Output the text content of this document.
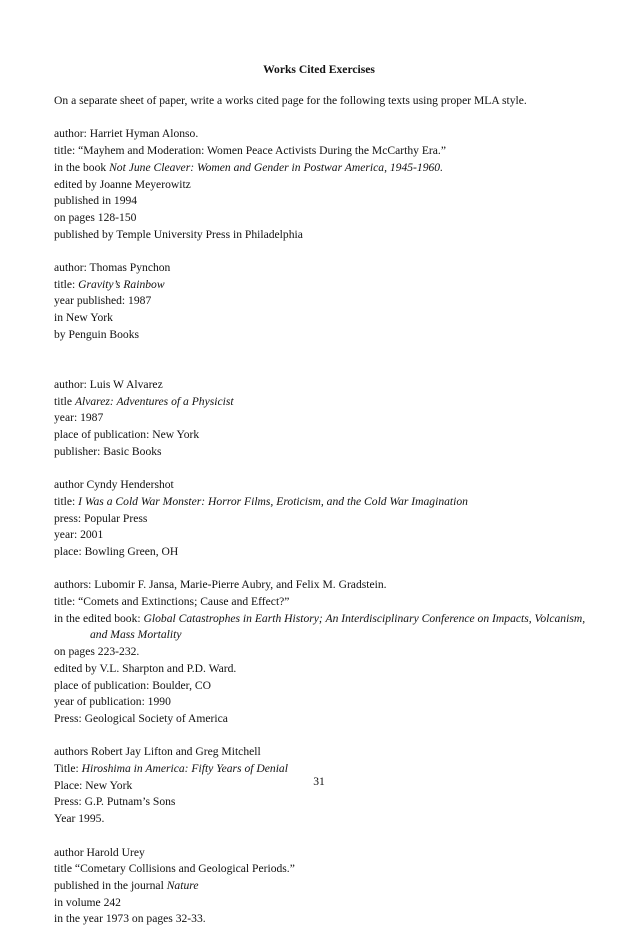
Works Cited Exercises

On a separate sheet of paper, write a works cited page for the following texts using proper MLA style.

author: Harriet Hyman Alonso.

title: “Mayhem and Moderation: Women Peace Activists During the McCarthy Era.”

in the book Not June Cleaver: Women and Gender in Postwar America, 1945-1960.

edited by Joanne Meyerowitz

published in 1994

on pages 128-150

published by Temple University Press in Philadelphia

author: Thomas Pynchon

title: Gravity’s Rainbow

year published: 1987

in New York

by Penguin Books

author: Luis W Alvarez

title Alvarez: Adventures of a Physicist

year: 1987

place of publication: New York

publisher: Basic Books

author Cyndy Hendershot

title: I Was a Cold War Monster: Horror Films, Eroticism, and the Cold War Imagination

press: Popular Press

year: 2001

place: Bowling Green, OH

authors: Lubomir F. Jansa, Marie-Pierre Aubry, and Felix M. Gradstein.

title: “Comets and Extinctions; Cause and Effect?”

in the edited book: Global Catastrophes in Earth History; An Interdisciplinary Conference on Impacts, Volcanism,

and Mass Mortality

on pages 223-232.

edited by V.L. Sharpton and P.D. Ward.

place of publication: Boulder, CO

year of publication: 1990

Press: Geological Society of America

authors Robert Jay Lifton and Greg Mitchell

Title: Hiroshima in America: Fifty Years of Denial

Place: New York

Press: G.P. Putnam’s Sons

Year 1995.

author Harold Urey

title “Cometary Collisions and Geological Periods.”

published in the journal Nature

in volume 242

in the year 1973 on pages 32-33.

31
